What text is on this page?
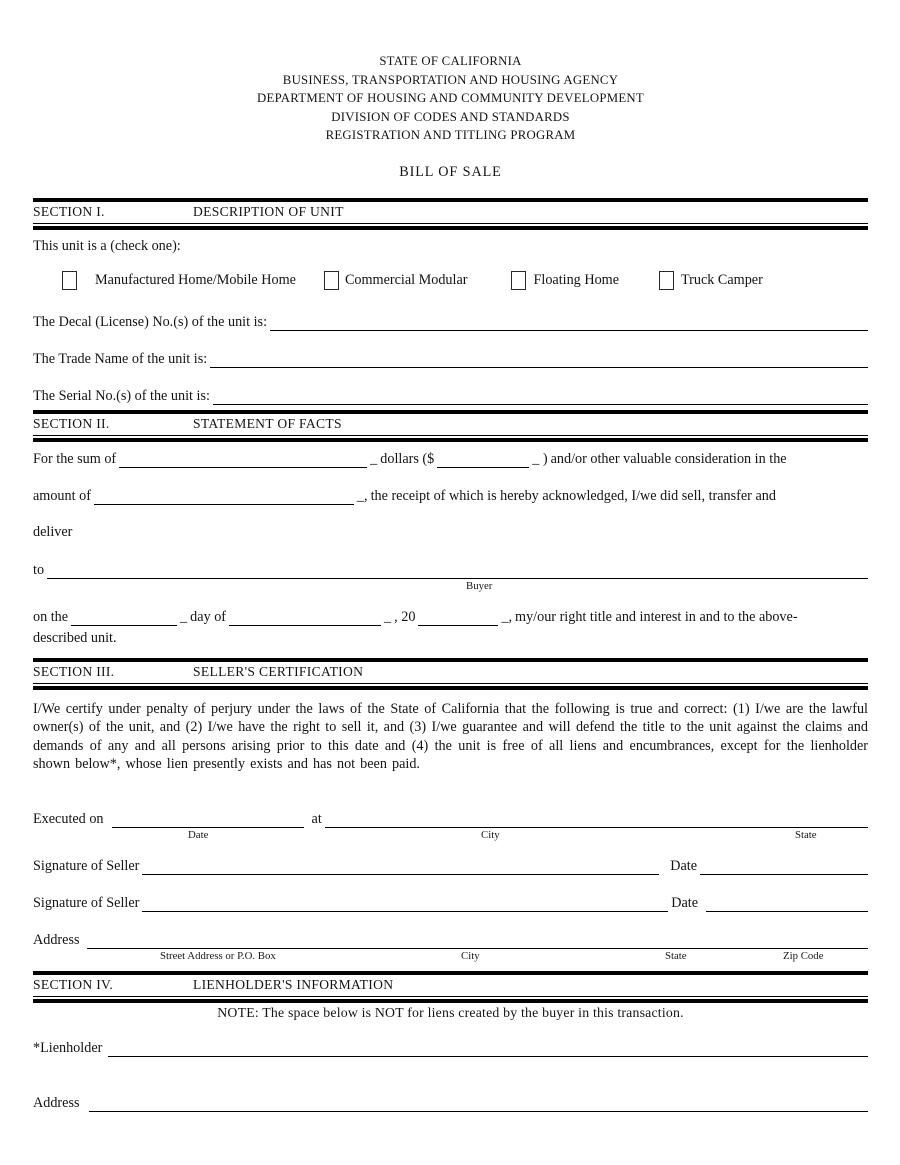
STATE OF CALIFORNIA
BUSINESS, TRANSPORTATION AND HOUSING AGENCY
DEPARTMENT OF HOUSING AND COMMUNITY DEVELOPMENT
DIVISION OF CODES AND STANDARDS
REGISTRATION AND TITLING PROGRAM
BILL OF SALE
SECTION I.	DESCRIPTION OF UNIT
This unit is a (check one):
Manufactured Home/Mobile Home	Commercial Modular	Floating Home	Truck Camper
The Decal (License) No.(s) of the unit is:
The Trade Name of the unit is:
The Serial No.(s) of the unit is:
SECTION II.	STATEMENT OF FACTS
For the sum of	_ dollars ($	_ ) and/or other valuable consideration in the
amount of	_, the receipt of which is hereby acknowledged, I/we did sell, transfer and
deliver
to
Buyer
on the	_ day of	_ , 20	_, my/our right title and interest in and to the above-
described unit.
SECTION III.	SELLER'S CERTIFICATION
I/We certify under penalty of perjury under the laws of the State of California that the following is true and correct: (1) I/we are the lawful owner(s) of the unit, and (2) I/we have the right to sell it, and (3) I/we guarantee and will defend the title to the unit against the claims and demands of any and all persons arising prior to this date and (4) the unit is free of all liens and encumbrances, except for the lienholder shown below*, whose lien presently exists and has not been paid.
Executed on	at
Date	City	State
Signature of Seller	Date
Signature of Seller	Date
Address
Street Address or P.O. Box	City	State	Zip Code
SECTION IV.	LIENHOLDER'S INFORMATION
NOTE: The space below is NOT for liens created by the buyer in this transaction.
*Lienholder
Address
